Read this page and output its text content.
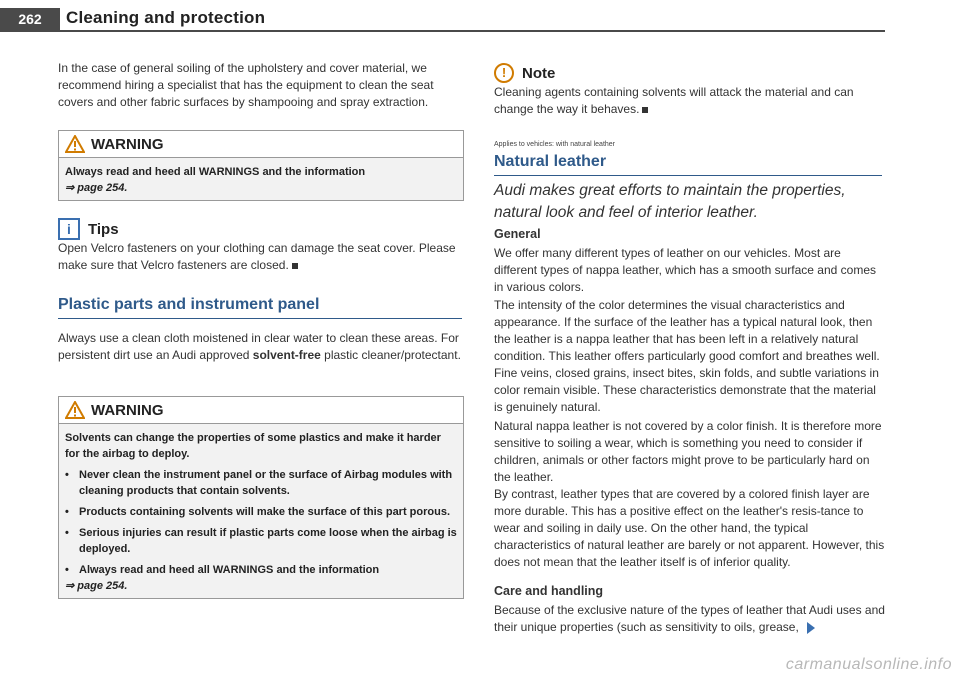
262	Cleaning and protection

In the case of general soiling of the upholstery and cover material, we recommend hiring a specialist that has the equipment to clean the seat covers and other fabric surfaces by shampooing and spray extraction.

WARNING
Always read and heed all WARNINGS and the information
⇒ page 254.
i	Tips

Open Velcro fasteners on your clothing can damage the seat cover. Please make sure that Velcro fasteners are closed.

Plastic parts and instrument panel

Always use a clean cloth moistened in clear water to clean these areas. For persistent dirt use an Audi approved solvent-free plastic cleaner/protectant.

WARNING
Solvents can change the properties of some plastics and make it harder for the airbag to deploy.
• Never clean the instrument panel or the surface of Airbag modules with cleaning products that contain solvents.
• Products containing solvents will make the surface of this part porous.
• Serious injuries can result if plastic parts come loose when the airbag is deployed.
• Always read and heed all WARNINGS and the information
⇒ page 254.
!	Note

Cleaning agents containing solvents will attack the material and can change the way it behaves.

Applies to vehicles: with natural leather
Natural leather
Audi makes great efforts to maintain the properties, natural look and feel of interior leather.
General

We offer many different types of leather on our vehicles. Most are different types of nappa leather, which has a smooth surface and comes in various colors.

The intensity of the color determines the visual characteristics and appearance. If the surface of the leather has a typical natural look, then the leather is a nappa leather that has been left in a relatively natural condition. This leather offers particularly good comfort and breathes well. Fine veins, closed grains, insect bites, skin folds, and subtle variations in color remain visible. These characteristics demonstrate that the material is genuinely natural.

Natural nappa leather is not covered by a color finish. It is therefore more sensitive to soiling a wear, which is something you need to consider if children, animals or other factors might prove to be particularly hard on the leather.

By contrast, leather types that are covered by a colored finish layer are more durable. This has a positive effect on the leather's resis-tance to wear and soiling in daily use. On the other hand, the typical characteristics of natural leather are barely or not apparent. However, this does not mean that the leather itself is of inferior quality.

Care and handling

Because of the exclusive nature of the types of leather that Audi uses and their unique properties (such as sensitivity to oils, grease,

carmanualsonline.info
